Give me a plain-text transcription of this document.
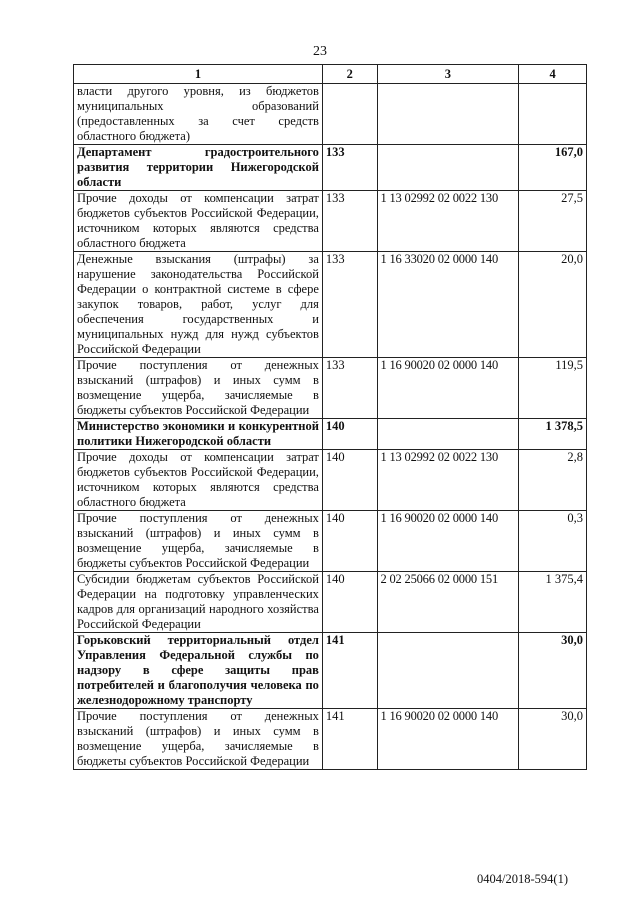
23
1	2	3	4
власти другого уровня, из бюджетов муниципальных образований (предоставленных за счет средств областного бюджета)			
Департамент градостроительного развития территории Нижегородской области	133		167,0
Прочие доходы от компенсации затрат бюджетов субъектов Российской Федерации, источником которых являются средства областного бюджета	133	1 13 02992 02 0022 130	27,5
Денежные взыскания (штрафы) за нарушение законодательства Российской Федерации о контрактной системе в сфере закупок товаров, работ, услуг для обеспечения государственных и муниципальных нужд для нужд субъектов Российской Федерации	133	1 16 33020 02 0000 140	20,0
Прочие поступления от денежных взысканий (штрафов) и иных сумм в возмещение ущерба, зачисляемые в бюджеты субъектов Российской Федерации	133	1 16 90020 02 0000 140	119,5
Министерство экономики и конкурентной политики Нижегородской области	140		1 378,5
Прочие доходы от компенсации затрат бюджетов субъектов Российской Федерации, источником которых являются средства областного бюджета	140	1 13 02992 02 0022 130	2,8
Прочие поступления от денежных взысканий (штрафов) и иных сумм в возмещение ущерба, зачисляемые в бюджеты субъектов Российской Федерации	140	1 16 90020 02 0000 140	0,3
Субсидии бюджетам субъектов Российской Федерации на подготовку управленческих кадров для организаций народного хозяйства Российской Федерации	140	2 02 25066 02 0000 151	1 375,4
Горьковский территориальный отдел Управления Федеральной службы по надзору в сфере защиты прав потребителей и благополучия человека по железнодорожному транспорту	141		30,0
Прочие поступления от денежных взысканий (штрафов) и иных сумм в возмещение ущерба, зачисляемые в бюджеты субъектов Российской Федерации	141	1 16 90020 02 0000 140	30,0
0404/2018-594(1)
